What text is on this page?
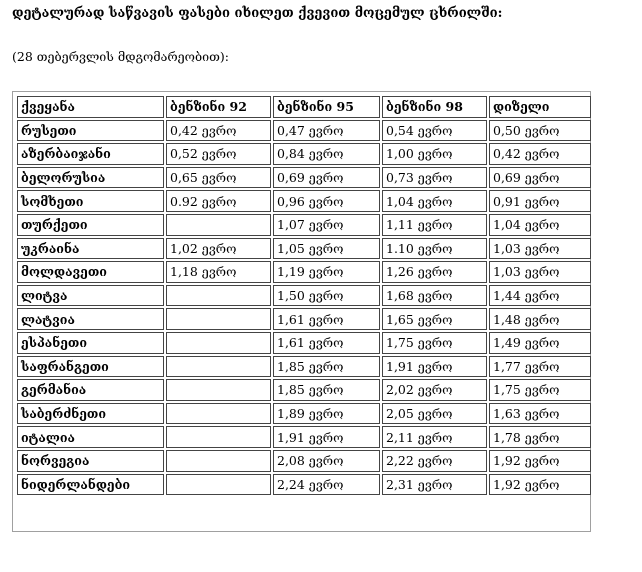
დეტალურად საწვავის ფასები იხილეთ ქვევით მოცემულ ცხრილში:
(28 თებერვლის მდგომარეობით):
ქვეყანა	ბენზინი 92	ბენზინი 95	ბენზინი 98	დიზელი
რუსეთი	0,42 ევრო	0,47 ევრო	0,54 ევრო	0,50 ევრო
აზერბაიჯანი	0,52 ევრო	0,84 ევრო	1,00 ევრო	0,42 ევრო
ბელორუსია	0,65 ევრო	0,69 ევრო	0,73 ევრო	0,69 ევრო
სომხეთი	0.92 ევრო	0,96 ევრო	1,04 ევრო	0,91 ევრო
თურქეთი		1,07 ევრო	1,11 ევრო	1,04 ევრო
უკრაინა	1,02 ევრო	1,05 ევრო	1.10 ევრო	1,03 ევრო
მოლდავეთი	1,18 ევრო	1,19 ევრო	1,26 ევრო	1,03 ევრო
ლიტვა		1,50 ევრო	1,68 ევრო	1,44 ევრო
ლატვია		1,61 ევრო	1,65 ევრო	1,48 ევრო
ესპანეთი		1,61 ევრო	1,75 ევრო	1,49 ევრო
საფრანგეთი		1,85 ევრო	1,91 ევრო	1,77 ევრო
გერმანია		1,85 ევრო	2,02 ევრო	1,75 ევრო
საბერძნეთი		1,89 ევრო	2,05 ევრო	1,63 ევრო
იტალია		1,91 ევრო	2,11 ევრო	1,78 ევრო
ნორვეგია		2,08 ევრო	2,22 ევრო	1,92 ევრო
ნიდერლანდები		2,24 ევრო	2,31 ევრო	1,92 ევრო
